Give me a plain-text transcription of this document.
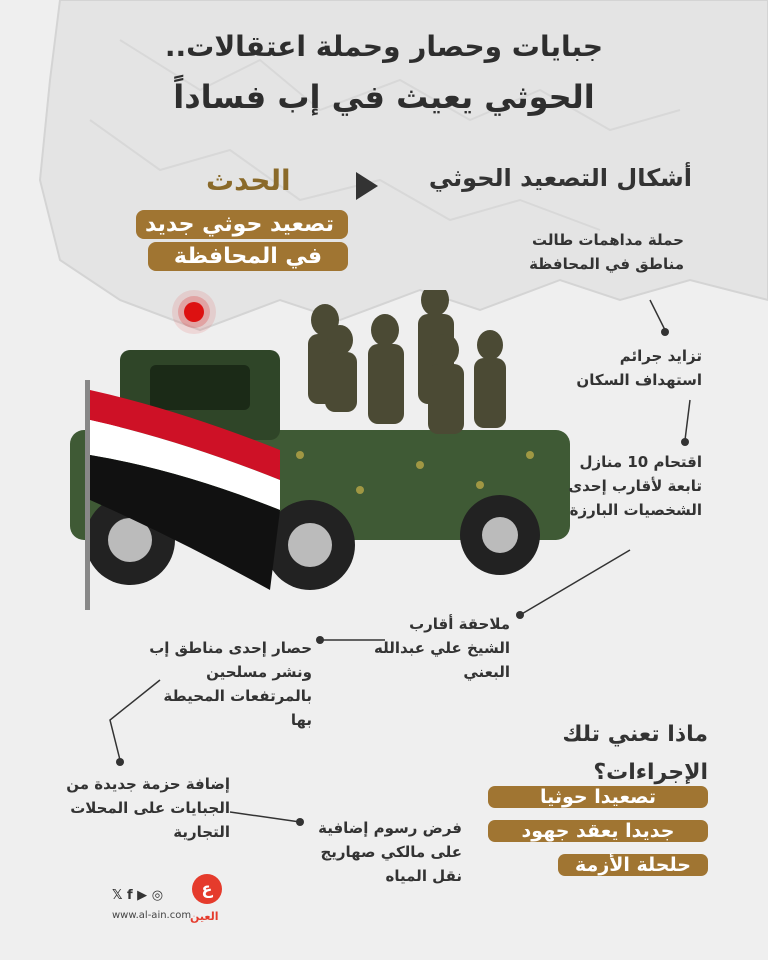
جبايات وحصار وحملة اعتقالات..
الحوثي يعيث في إب فساداً
أشكال التصعيد الحوثي
الحدث
تصعيد حوثي جديد
في المحافظة
حملة مداهمات طالت مناطق في المحافظة
تزايد جرائم استهداف السكان
اقتحام 10 منازل تابعة لأقارب إحدى الشخصيات البارزة
ملاحقة أقارب الشيخ علي عبدالله البعني
حصار إحدى مناطق إب ونشر مسلحين بالمرتفعات المحيطة بها
إضافة حزمة جديدة من الجبايات على المحلات التجارية	فرض رسوم إضافية على مالكي صهاريج نقل المياه
ماذا تعني تلك
الإجراءات؟
تصعيدا حوثيا
جديدا يعقد جهود
حلحلة الأزمة
𝕏 f ▶ ◎
www.al-ain.com
ع
العين
